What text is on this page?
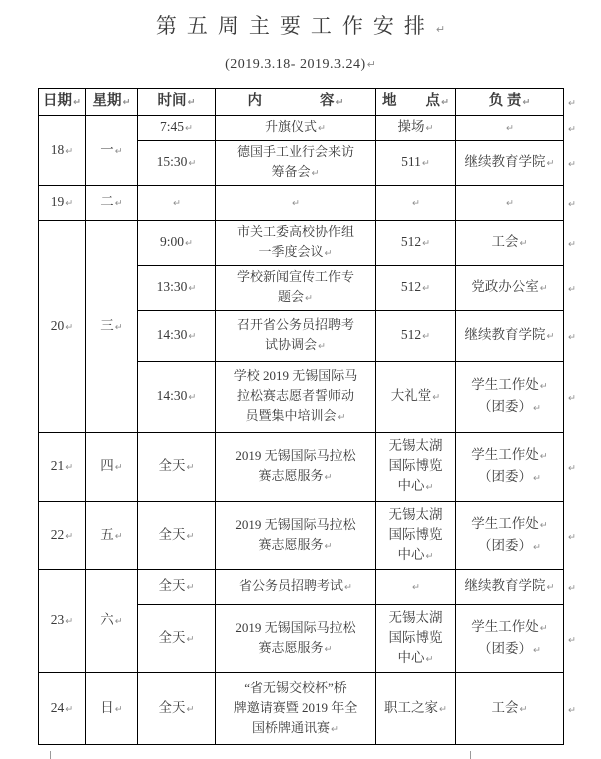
第五周主要工作安排↵
(2019.3.18- 2019.3.24)↵
日期↵	星期↵	时间↵	内　　　　容↵	地　　点↵	负 责↵	↵
18↵	一↵	7:45↵	升旗仪式↵	操场↵	↵	↵
		15:30↵	德国手工业行会来访
筹备会↵	511↵	继续教育学院↵	↵
19↵	二↵	↵	↵	↵	↵	↵
20↵	三↵	9:00↵	市关工委高校协作组
一季度会议↵	512↵	工会↵	↵
		13:30↵	学校新闻宣传工作专
题会↵	512↵	党政办公室↵	↵
		14:30↵	召开省公务员招聘考
试协调会↵	512↵	继续教育学院↵	↵
		14:30↵	学校 2019 无锡国际马
拉松赛志愿者誓师动
员暨集中培训会↵	大礼堂↵	学生工作处↵
（团委）↵	↵
21↵	四↵	全天↵	2019 无锡国际马拉松
赛志愿服务↵	无锡太湖
国际博览
中心↵	学生工作处↵
（团委）↵	↵
22↵	五↵	全天↵	2019 无锡国际马拉松
赛志愿服务↵	无锡太湖
国际博览
中心↵	学生工作处↵
（团委）↵	↵
23↵	六↵	全天↵	省公务员招聘考试↵	↵	继续教育学院↵	↵
		全天↵	2019 无锡国际马拉松
赛志愿服务↵	无锡太湖
国际博览
中心↵	学生工作处↵
（团委）↵	↵
24↵	日↵	全天↵	“省无锡交校杯”桥
牌邀请赛暨 2019 年全
国桥牌通讯赛↵	职工之家↵	工会↵	↵
